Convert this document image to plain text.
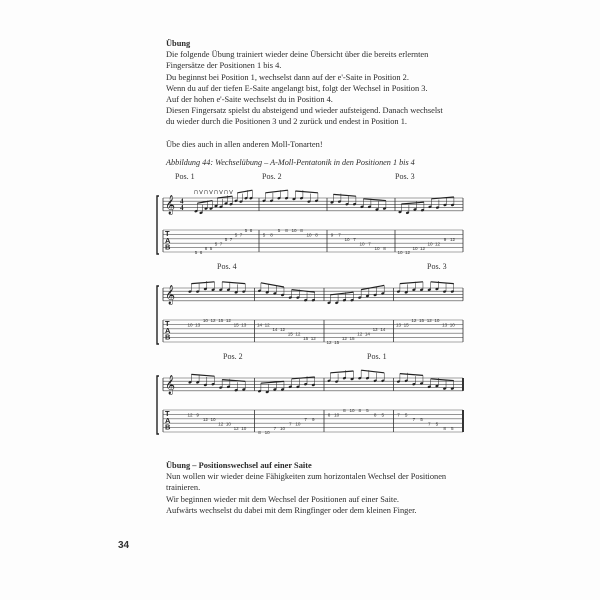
Übung
Die folgende Übung trainiert wieder deine Übersicht über die bereits erlernten
Fingersätze der Positionen 1 bis 4.
Du beginnst bei Position 1, wechselst dann auf der e'-Saite in Position 2.
Wenn du auf der tiefen E-Saite angelangt bist, folgt der Wechsel in Position 3.
Auf der hohen e'-Saite wechselst du in Position 4.
Diesen Fingersatz spielst du absteigend und wieder aufsteigend. Danach wechselst
du wieder durch die Positionen 3 und 2 zurück und endest in Position 1.
Übe dies auch in allen anderen Moll-Tonarten!
Abbildung 44: Wechselübung – A-Moll-Pentatonik in den Positionen 1 bis 4
𝄞
T
A
B
4
4
5 6
8 5
5 7
5 7
5 7
5 8
⊓ V ⊓ V ⊓ V ⊓ V
5 8
5 8 10 8
10 8	9 7
10 7
10 7
10 8
10 12
10 12
10 12
9 12
Pos. 1	Pos. 2	Pos. 3
𝄞
T
A
B
10 13
10 12 15 12
15 13 14 12
14 12
15 12
15 12
12 15
12 15
12 14
12 14
13 15
12 15 12 10
13 10
Pos. 4	Pos. 3
𝄞
T
A
B
12 9
12 10
12 10
12 10
8 10
7 10
7 10
7 9
8 10
8 10 8 5
8 5	7 5
7 5
7 5
8 5
Pos. 2	Pos. 1
Übung – Positionswechsel auf einer Saite
Nun wollen wir wieder deine Fähigkeiten zum horizontalen Wechsel der Positionen
trainieren.
Wir beginnen wieder mit dem Wechsel der Positionen auf einer Saite.
Aufwärts wechselst du dabei mit dem Ringfinger oder dem kleinen Finger.
34
